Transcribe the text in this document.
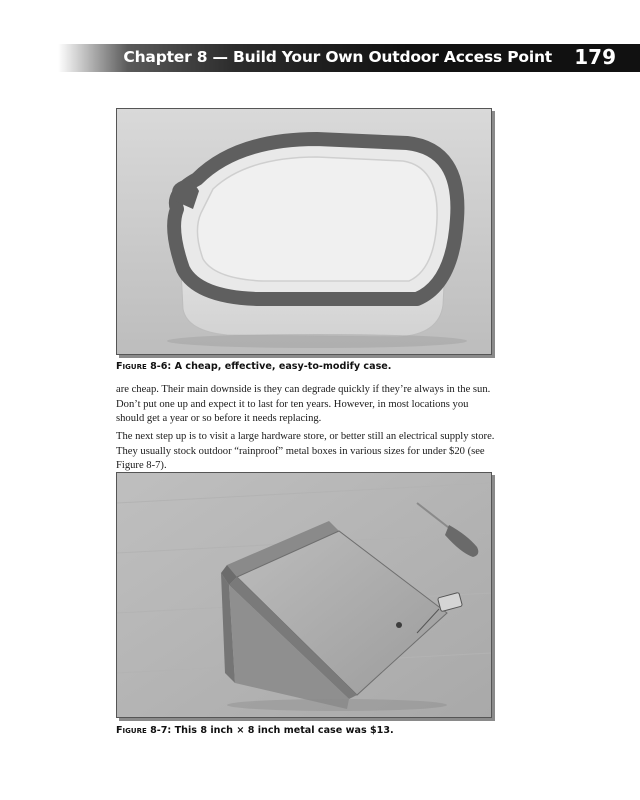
Chapter 8 — Build Your Own Outdoor Access Point 179
Figure 8-6: A cheap, effective, easy-to-modify case.

are cheap. Their main downside is they can degrade quickly if they’re always in the sun. Don’t put one up and expect it to last for ten years. However, in most locations you should get a year or so before it needs replacing.

The next step up is to visit a large hardware store, or better still an electrical supply store. They usually stock outdoor “rainproof” metal boxes in various sizes for under $20 (see Figure 8-7).

Figure 8-7: This 8 inch × 8 inch metal case was $13.
